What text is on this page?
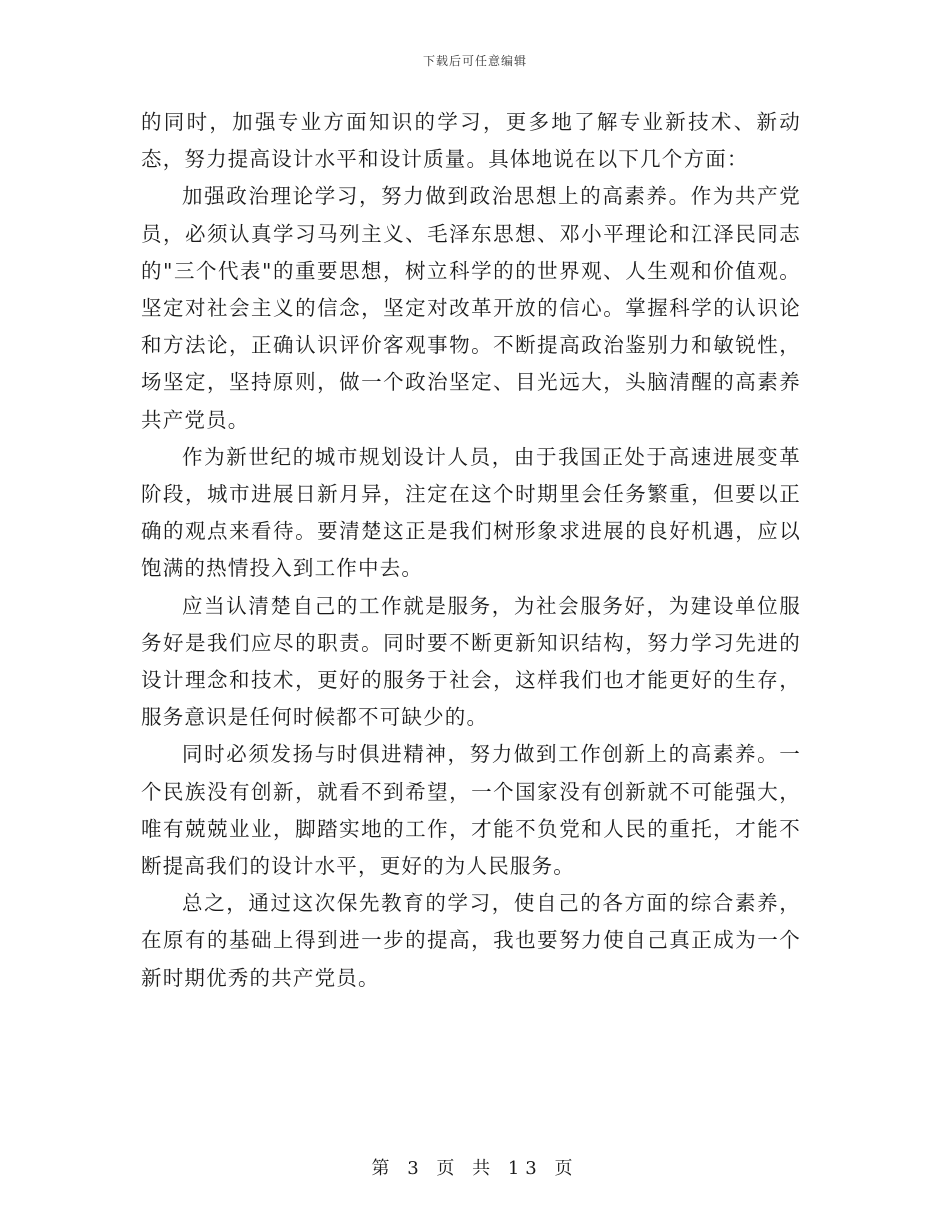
下载后可任意编辑

的同时，加强专业方面知识的学习，更多地了解专业新技术、新动态，努力提高设计水平和设计质量。具体地说在以下几个方面：

加强政治理论学习，努力做到政治思想上的高素养。作为共产党员，必须认真学习马列主义、毛泽东思想、邓小平理论和江泽民同志的"三个代表"的重要思想，树立科学的的世界观、人生观和价值观。坚定对社会主义的信念，坚定对改革开放的信心。掌握科学的认识论和方法论，正确认识评价客观事物。不断提高政治鉴别力和敏锐性，场坚定，坚持原则，做一个政治坚定、目光远大，头脑清醒的高素养共产党员。

作为新世纪的城市规划设计人员，由于我国正处于高速进展变革阶段，城市进展日新月异，注定在这个时期里会任务繁重，但要以正确的观点来看待。要清楚这正是我们树形象求进展的良好机遇，应以饱满的热情投入到工作中去。

应当认清楚自己的工作就是服务，为社会服务好，为建设单位服务好是我们应尽的职责。同时要不断更新知识结构，努力学习先进的设计理念和技术，更好的服务于社会，这样我们也才能更好的生存，服务意识是任何时候都不可缺少的。

同时必须发扬与时俱进精神，努力做到工作创新上的高素养。一个民族没有创新，就看不到希望，一个国家没有创新就不可能强大，唯有兢兢业业，脚踏实地的工作，才能不负党和人民的重托，才能不断提高我们的设计水平，更好的为人民服务。

总之，通过这次保先教育的学习，使自己的各方面的综合素养，在原有的基础上得到进一步的提高，我也要努力使自己真正成为一个新时期优秀的共产党员。

第 3 页 共 13 页
